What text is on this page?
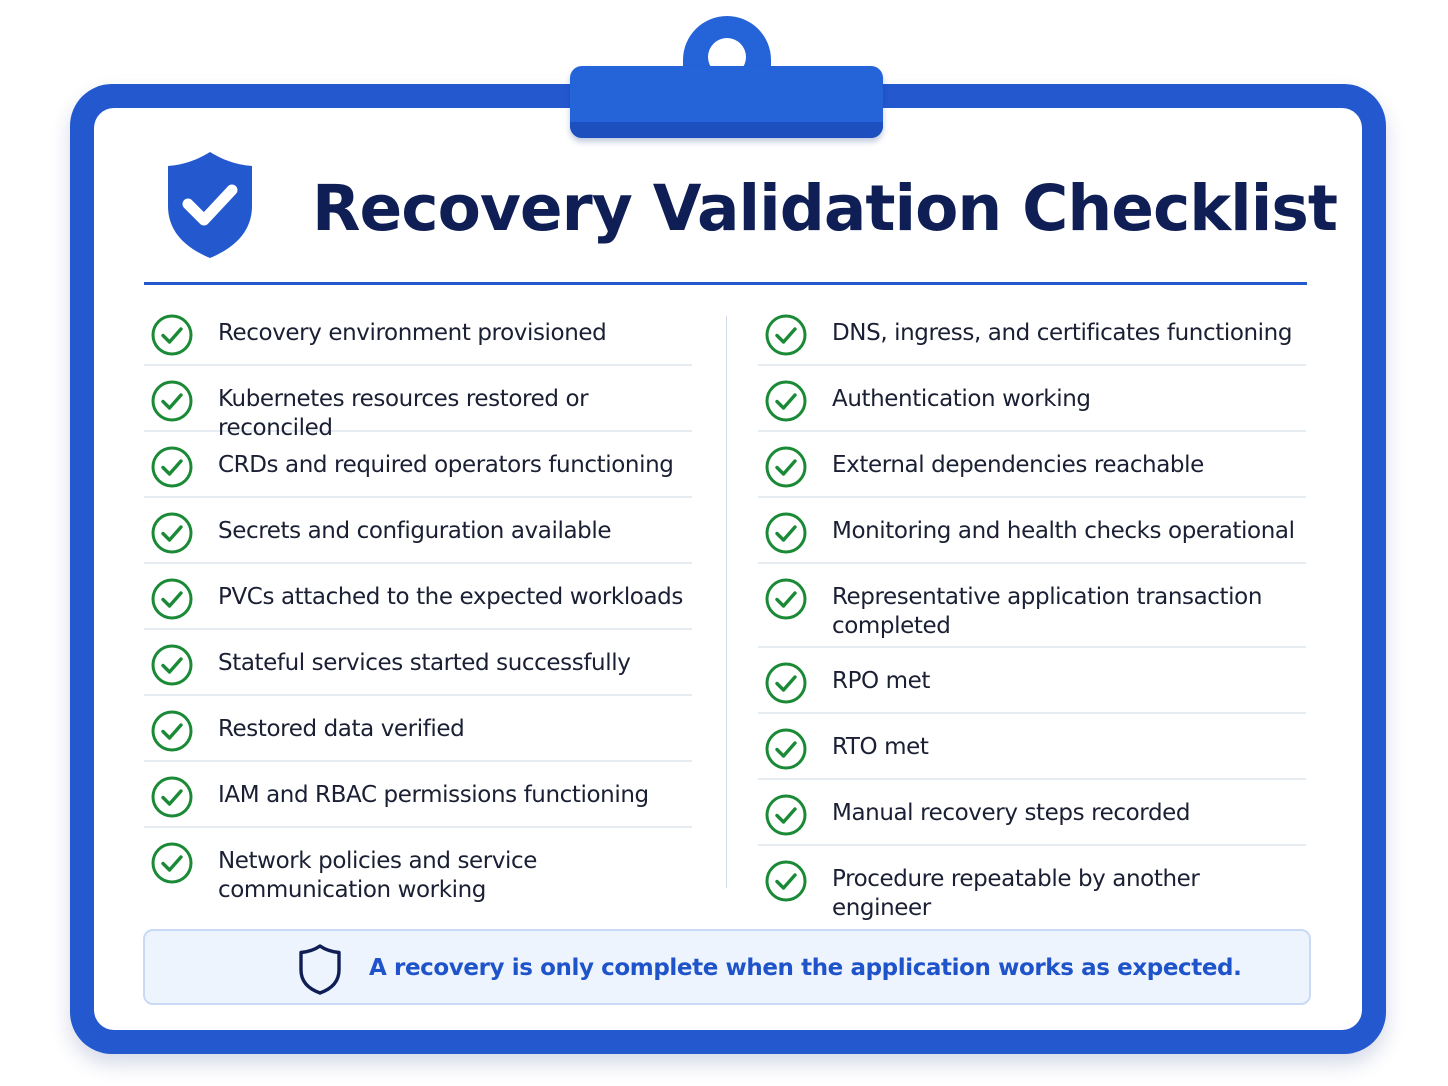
Recovery Validation Checklist
Recovery environment provisioned
Kubernetes resources restored or reconciled
CRDs and required operators functioning
Secrets and configuration available
PVCs attached to the expected workloads
Stateful services started successfully
Restored data verified
IAM and RBAC permissions functioning
Network policies and service communication working
DNS, ingress, and certificates functioning
Authentication working
External dependencies reachable
Monitoring and health checks operational
Representative application transaction completed
RPO met
RTO met
Manual recovery steps recorded
Procedure repeatable by another engineer
A recovery is only complete when the application works as expected.
